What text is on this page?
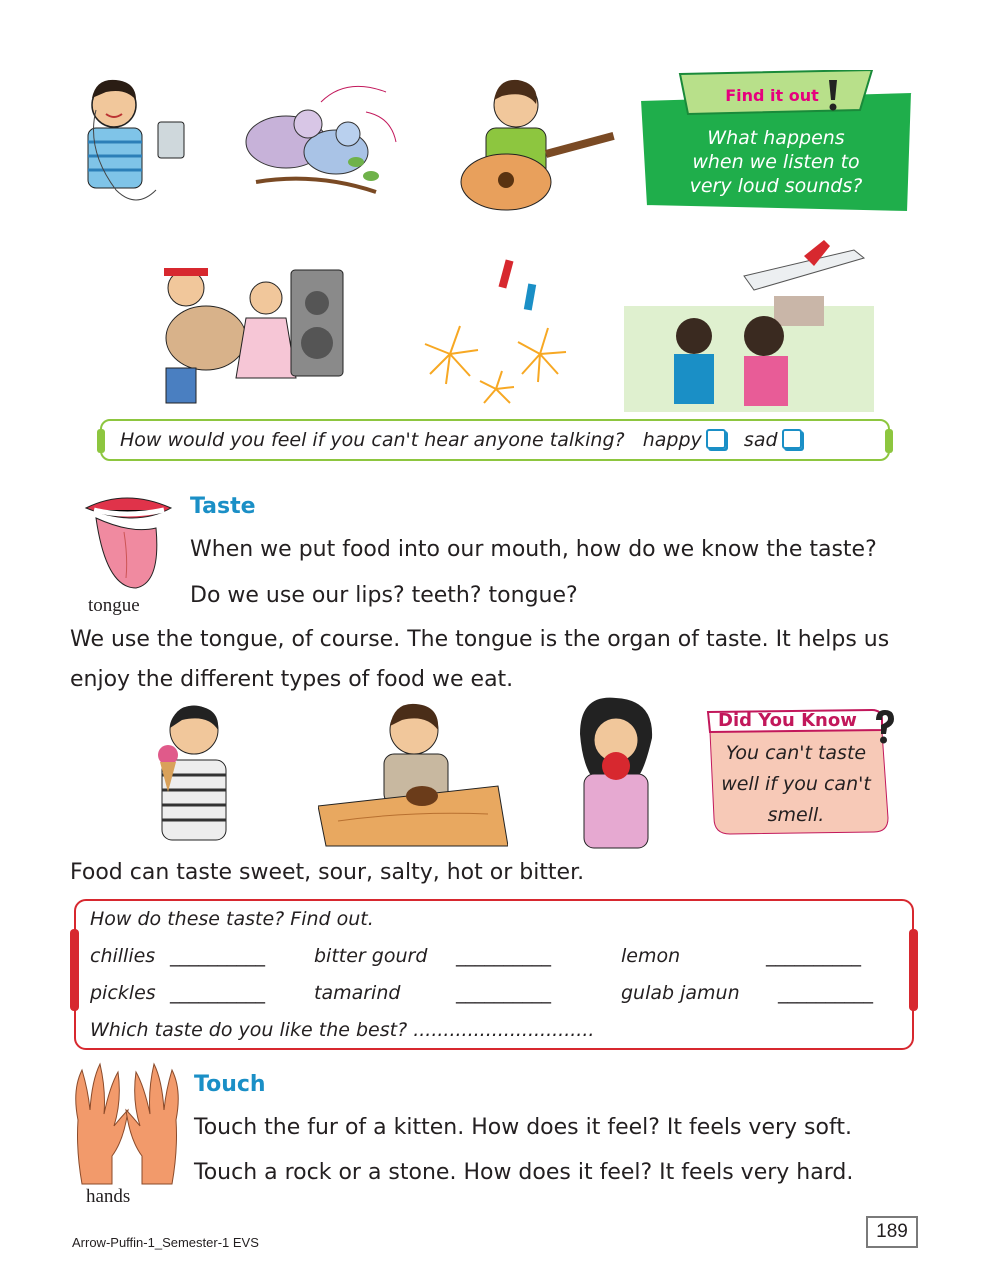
Find it out
What happens
when we listen to
very loud sounds?
How would you feel if you can't hear anyone talking? happy sad
tongue
Taste
When we put food into our mouth, how do we know the taste?
Do we use our lips? teeth? tongue?
We use the tongue, of course. The tongue is the organ of taste. It helps us
enjoy the different types of food we eat.
Did You Know
You can't taste
well if you can't
smell.
Food can taste sweet, sour, salty, hot or bitter.
How do these taste? Find out.
chillies __________	bitter gourd __________	lemon	__________
pickles __________	tamarind	__________	gulab jamun __________
Which taste do you like the best? ..............................
hands
Touch
Touch the fur of a kitten. How does it feel? It feels very soft.
Touch a rock or a stone. How does it feel? It feels very hard.
Arrow-Puffin-1_Semester-1 EVS
189
